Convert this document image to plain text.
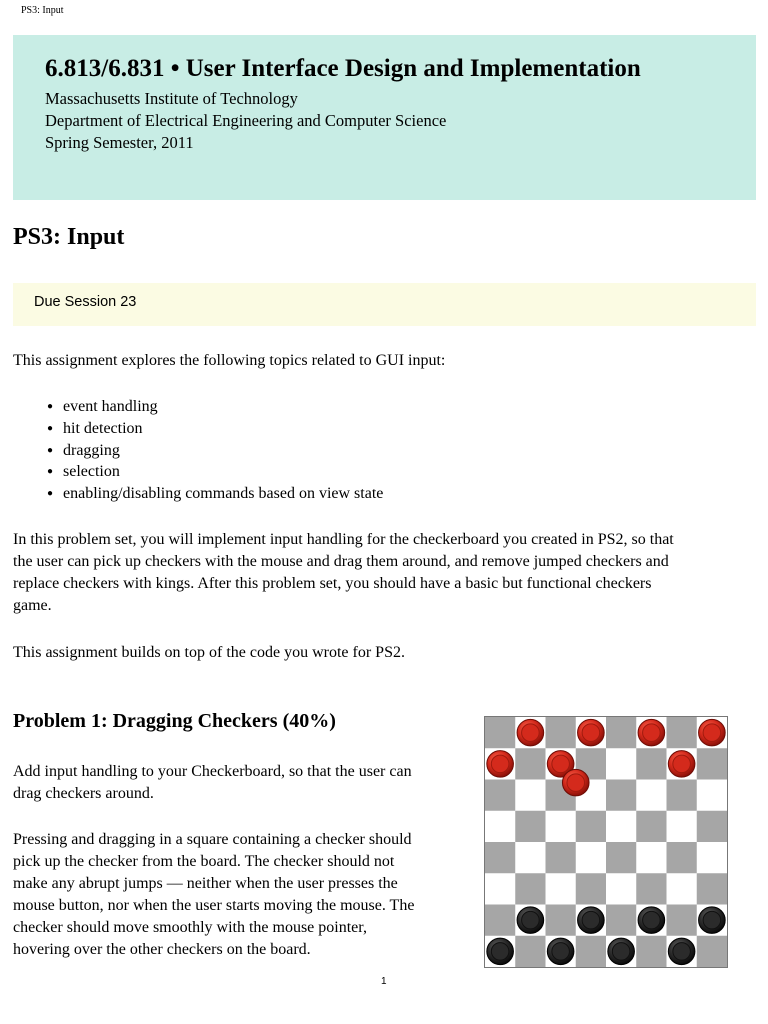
PS3: Input
6.813/6.831 • User Interface Design and Implementation
Massachusetts Institute of Technology
Department of Electrical Engineering and Computer Science
Spring Semester, 2011
PS3: Input
Due Session 23

This assignment explores the following topics related to GUI input:

● event handling
● hit detection
● dragging
● selection
● enabling/disabling commands based on view state
In this problem set, you will implement input handling for the checkerboard you created in PS2, so that
the user can pick up checkers with the mouse and drag them around, and remove jumped checkers and
replace checkers with kings. After this problem set, you should have a basic but functional checkers
game.

This assignment builds on top of the code you wrote for PS2.

Problem 1: Dragging Checkers (40%)
Add input handling to your Checkerboard, so that the user can
drag checkers around.
Pressing and dragging in a square containing a checker should
pick up the checker from the board. The checker should not
make any abrupt jumps — neither when the user presses the
mouse button, nor when the user starts moving the mouse. The
checker should move smoothly with the mouse pointer,
hovering over the other checkers on the board.
1
